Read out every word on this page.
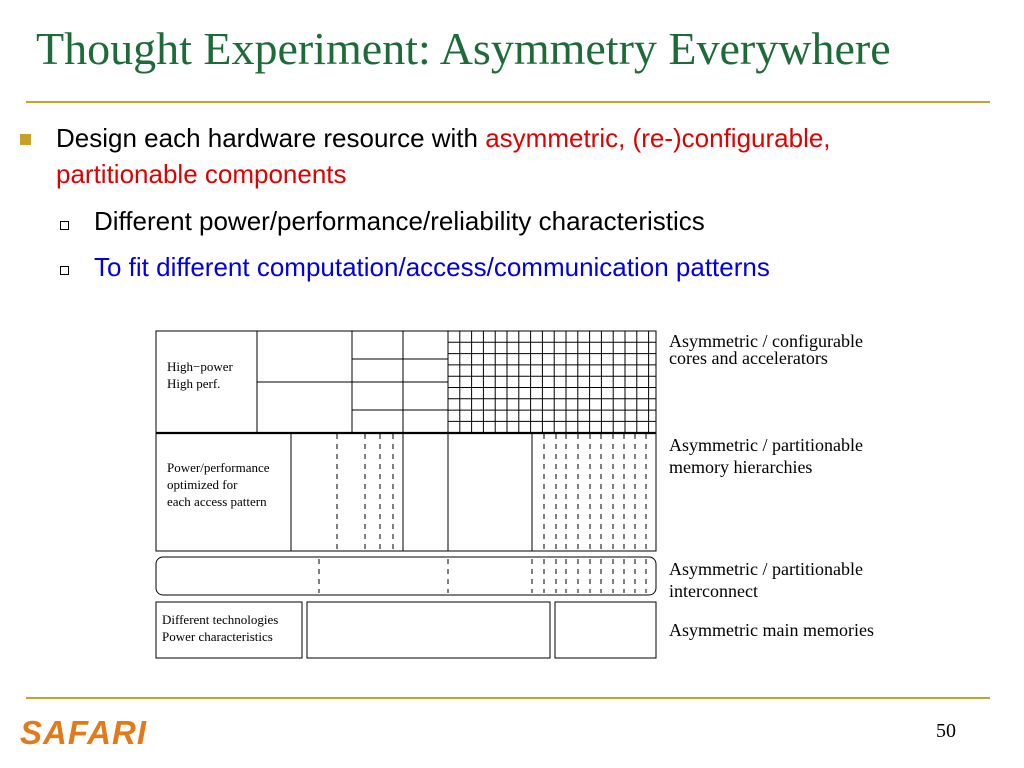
Thought Experiment: Asymmetry Everywhere
Design each hardware resource with asymmetric, (re-)configurable, partitionable components
Different power/performance/reliability characteristics
To fit different computation/access/communication patterns
High−power
High perf.
Power/performance
optimized for
each access pattern
Different technologies
Power characteristics
Asymmetric / configurable
cores and accelerators
Asymmetric / partitionable
memory hierarchies
Asymmetric / partitionable
interconnect
Asymmetric main memories
SAFARI	50
